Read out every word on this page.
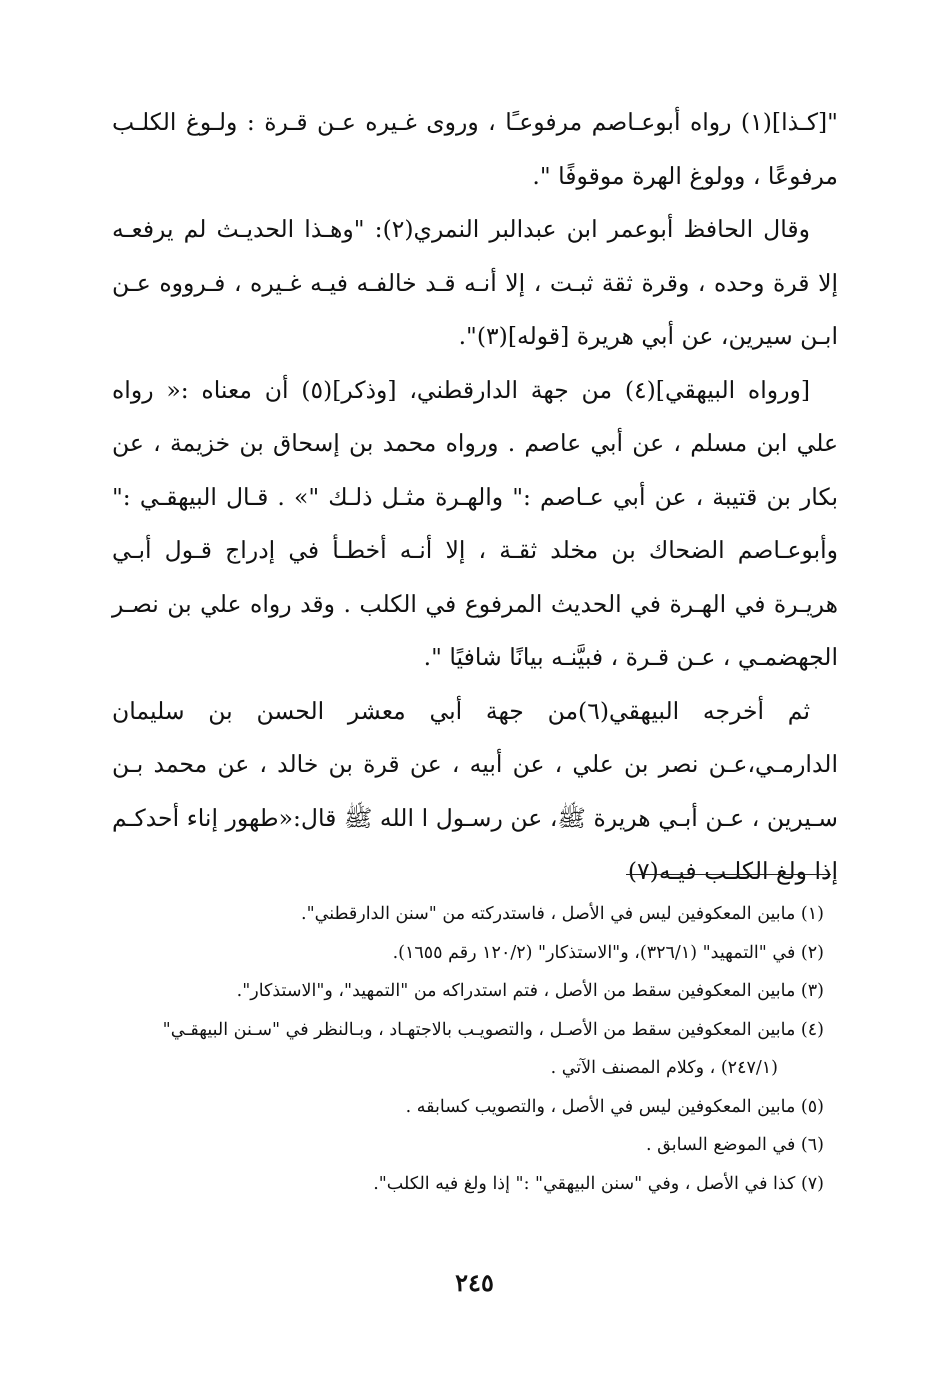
"[كـذا](١) رواه أبوعـاصم مرفوعـًا ، وروى غـيره عـن قـرة : ولـوغ الكلـب مرفوعًا ، وولوغ الهرة موقوفًا ".

وقال الحافظ أبوعمر ابن عبدالبر النمري(٢): "وهـذا الحديـث لم يرفعـه إلا قرة وحده ، وقرة ثقة ثبـت ، إلا أنـه قـد خالفـه فيـه غـيره ، فـرووه عـن ابـن سيرين، عن أبي هريرة [قوله](٣)".

[ورواه البيهقي](٤) من جهة الدارقطني، [وذكر](٥) أن معناه :« رواه علي ابن مسلم ، عن أبي عاصم . ورواه محمد بن إسحاق بن خزيمة ، عن بكار بن قتيبة ، عن أبي عـاصم :" والهـرة مثـل ذلـك "» . قـال البيهقـي :" وأبوعـاصم الضحاك بن مخلد ثقـة ، إلا أنـه أخطـأ في إدراج قـول أبـي هريـرة في الهـرة في الحديث المرفوع في الكلب . وقد رواه علي بن نصـر الجهضمـي ، عـن قـرة ، فبيَّنـه بيانًا شافيًا ".

ثم أخرجه البيهقي(٦)من جهة أبي معشر الحسن بن سليمان الدارمـي،عـن نصر بن علي ، عن أبيه ، عن قرة بن خالد ، عن محمد بـن سـيرين ، عـن أبـي هريرة ﷺ، عن رسـول ا الله ﷺ قال:«طهور إناء أحدكـم إذا ولغ الكلـب فيـه(٧)

(١) مابين المعكوفين ليس في الأصل ، فاستدركته من "سنن الدارقطني".

(٢) في "التمهيد" (٣٢٦/١)، و"الاستذكار" (١٢٠/٢ رقم ١٦٥٥).

(٣) مابين المعكوفين سقط من الأصل ، فتم استدراكه من "التمهيد"، و"الاستذكار".

(٤) مابين المعكوفين سقط من الأصـل ، والتصويـب بالاجتهـاد ، وبـالنظر في "سـنن البيهقـي"

(٢٤٧/١) ، وكلام المصنف الآتي .

(٥) مابين المعكوفين ليس في الأصل ، والتصويب كسابقه .

(٦) في الموضع السابق .

(٧) كذا في الأصل ، وفي "سنن البيهقي" :" إذا ولغ فيه الكلب".

٢٤٥
